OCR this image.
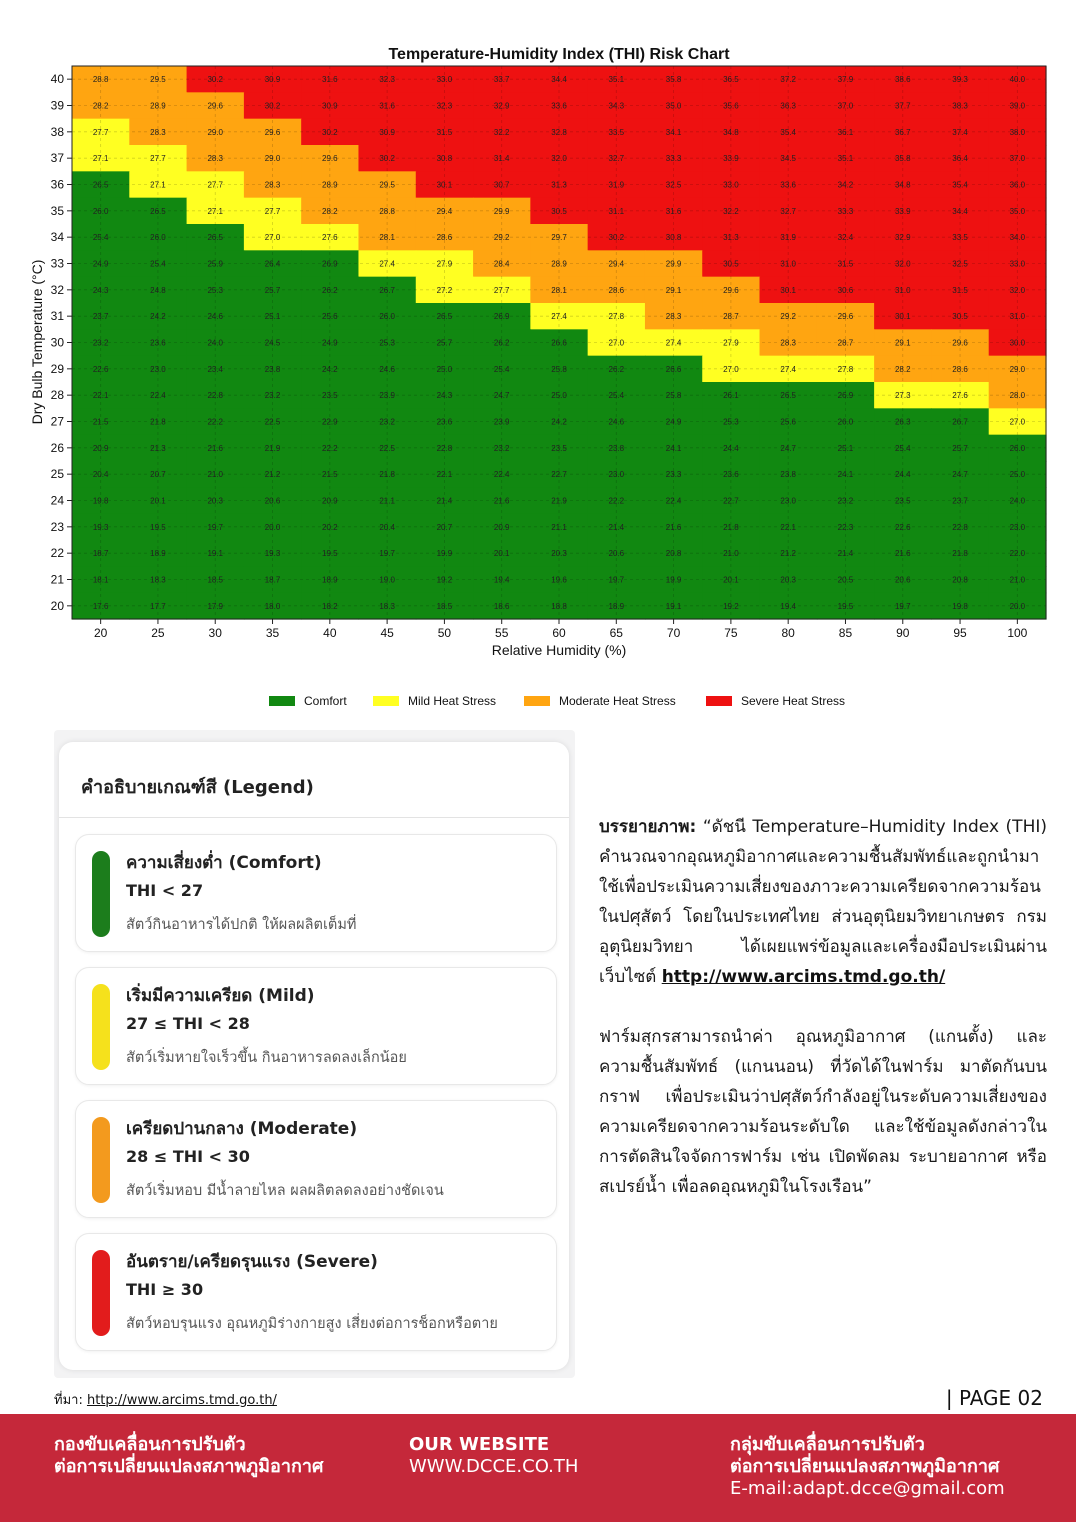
Temperature-Humidity Index (THI) Risk Chart
28.8	29.5	30.2	30.9	31.6	32.3	33.0	33.7	34.4	35.1	35.8	36.5	37.2	37.9	38.6	39.3	40.0
28.2	28.9	29.6	30.2	30.9	31.6	32.3	32.9	33.6	34.3	35.0	35.6	36.3	37.0	37.7	38.3	39.0
27.7	28.3	29.0	29.6	30.2	30.9	31.5	32.2	32.8	33.5	34.1	34.8	35.4	36.1	36.7	37.4	38.0
27.1	27.7	28.3	29.0	29.6	30.2	30.8	31.4	32.0	32.7	33.3	33.9	34.5	35.1	35.8	36.4	37.0
26.5	27.1	27.7	28.3	28.9	29.5	30.1	30.7	31.3	31.9	32.5	33.0	33.6	34.2	34.8	35.4	36.0
26.0	26.5	27.1	27.7	28.2	28.8	29.4	29.9	30.5	31.1	31.6	32.2	32.7	33.3	33.9	34.4	35.0
25.4	26.0	26.5	27.0	27.6	28.1	28.6	29.2	29.7	30.2	30.8	31.3	31.9	32.4	32.9	33.5	34.0
24.9	25.4	25.9	26.4	26.9	27.4	27.9	28.4	28.9	29.4	29.9	30.5	31.0	31.5	32.0	32.5	33.0
24.3	24.8	25.3	25.7	26.2	26.7	27.2	27.7	28.1	28.6	29.1	29.6	30.1	30.6	31.0	31.5	32.0
23.7	24.2	24.6	25.1	25.6	26.0	26.5	26.9	27.4	27.8	28.3	28.7	29.2	29.6	30.1	30.5	31.0
23.2	23.6	24.0	24.5	24.9	25.3	25.7	26.2	26.6	27.0	27.4	27.9	28.3	28.7	29.1	29.6	30.0
22.6	23.0	23.4	23.8	24.2	24.6	25.0	25.4	25.8	26.2	26.6	27.0	27.4	27.8	28.2	28.6	29.0
22.1	22.4	22.8	23.2	23.5	23.9	24.3	24.7	25.0	25.4	25.8	26.1	26.5	26.9	27.3	27.6	28.0
21.5	21.8	22.2	22.5	22.9	23.2	23.6	23.9	24.2	24.6	24.9	25.3	25.6	26.0	26.3	26.7	27.0
20.9	21.3	21.6	21.9	22.2	22.5	22.8	23.2	23.5	23.8	24.1	24.4	24.7	25.1	25.4	25.7	26.0
20.4	20.7	21.0	21.2	21.5	21.8	22.1	22.4	22.7	23.0	23.3	23.6	23.8	24.1	24.4	24.7	25.0
19.8	20.1	20.3	20.6	20.9	21.1	21.4	21.6	21.9	22.2	22.4	22.7	23.0	23.2	23.5	23.7	24.0
19.3	19.5	19.7	20.0	20.2	20.4	20.7	20.9	21.1	21.4	21.6	21.8	22.1	22.3	22.6	22.8	23.0
18.7	18.9	19.1	19.3	19.5	19.7	19.9	20.1	20.3	20.6	20.8	21.0	21.2	21.4	21.6	21.8	22.0
18.1	18.3	18.5	18.7	18.9	19.0	19.2	19.4	19.6	19.7	19.9	20.1	20.3	20.5	20.6	20.8	21.0
17.6	17.7	17.9	18.0	18.2	18.3	18.5	18.6	18.8	18.9	19.1	19.2	19.4	19.5	19.7	19.8	20.0
20	25	30	35	40	45	50	55	60	65	70	75	80	85	90	95	100
40
39
38
37
36
35
34
33
32
31
30
29
28
27
26
25
24
23
22
21
20
Relative Humidity (%)
Dry Bulb Temperature (°C)
Comfort	Mild Heat Stress	Moderate Heat Stress	Severe Heat Stress
คำอธิบายเกณฑ์สี (Legend)
ความเสี่ยงต่ำ (Comfort)
THI < 27
สัตว์กินอาหารได้ปกติ ให้ผลผลิตเต็มที่
เริ่มมีความเครียด (Mild)
27 ≤ THI < 28
สัตว์เริ่มหายใจเร็วขึ้น กินอาหารลดลงเล็กน้อย
เครียดปานกลาง (Moderate)
28 ≤ THI < 30
สัตว์เริ่มหอบ มีน้ำลายไหล ผลผลิตลดลงอย่างชัดเจน
อันตราย/เครียดรุนแรง (Severe)
THI ≥ 30
สัตว์หอบรุนแรง อุณหภูมิร่างกายสูง เสี่ยงต่อการช็อกหรือตาย

บรรยายภาพ: “ดัชนี Temperature–Humidity Index (THI) คำนวณจากอุณหภูมิอากาศและความชื้นสัมพัทธ์และถูกนำมาใช้เพื่อประเมินความเสี่ยงของภาวะความเครียดจากความร้อนในปศุสัตว์ โดยในประเทศไทย ส่วนอุตุนิยมวิทยาเกษตร กรมอุตุนิยมวิทยา ได้เผยแพร่ข้อมูลและเครื่องมือประเมินผ่านเว็บไซต์ http://www.arcims.tmd.go.th/

ฟาร์มสุกรสามารถนำค่า อุณหภูมิอากาศ (แกนตั้ง) และ ความชื้นสัมพัทธ์ (แกนนอน) ที่วัดได้ในฟาร์ม มาตัดกันบนกราฟ เพื่อประเมินว่าปศุสัตว์กำลังอยู่ในระดับความเสี่ยงของความเครียดจากความร้อนระดับใด และใช้ข้อมูลดังกล่าวในการตัดสินใจจัดการฟาร์ม เช่น เปิดพัดลม ระบายอากาศ หรือ สเปรย์น้ำ เพื่อลดอุณหภูมิในโรงเรือน”

ที่มา: http://www.arcims.tmd.go.th/	| PAGE 02
กองขับเคลื่อนการปรับตัว
ต่อการเปลี่ยนแปลงสภาพภูมิอากาศ
OUR WEBSITE
WWW.DCCE.CO.TH
กลุ่มขับเคลื่อนการปรับตัว
ต่อการเปลี่ยนแปลงสภาพภูมิอากาศ
E-mail:adapt.dcce@gmail.com
